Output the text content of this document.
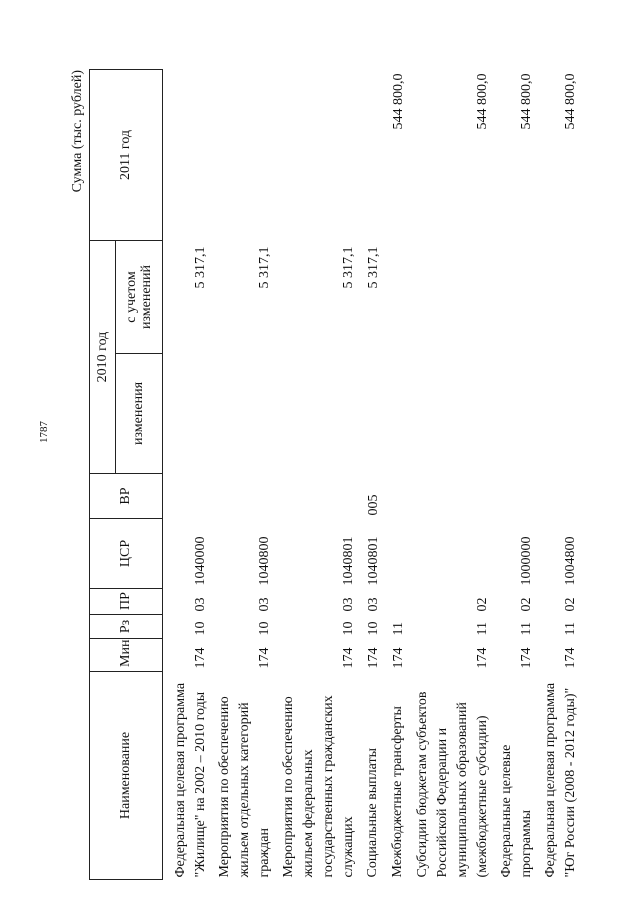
1787
Сумма (тыс. рублей)
Наименование	Мин	Рз	ПР	ЦСР	ВР	2010 год		2011 год
						изменения	с учетом изменений	
Федеральная целевая программа "Жилище" на 2002 – 2010 годы	174	10	03	1040000			5 317,1	
Мероприятия по обеспечению жильем отдельных категорий граждан	174	10	03	1040800			5 317,1	
Мероприятия по обеспечению жильем федеральных государственных гражданских служащих	174	10	03	1040801			5 317,1	
Социальные выплаты	174	10	03	1040801	005		5 317,1	
Межбюджетные трансферты	174	11						544 800,0
Субсидии бюджетам субъектов Российской Федерации и муниципальных образований (межбюджетные субсидии)	174	11	02					544 800,0
Федеральные целевые программы	174	11	02	1000000				544 800,0
Федеральная целевая программа "Юг России (2008 - 2012 годы)"	174	11	02	1004800				544 800,0
